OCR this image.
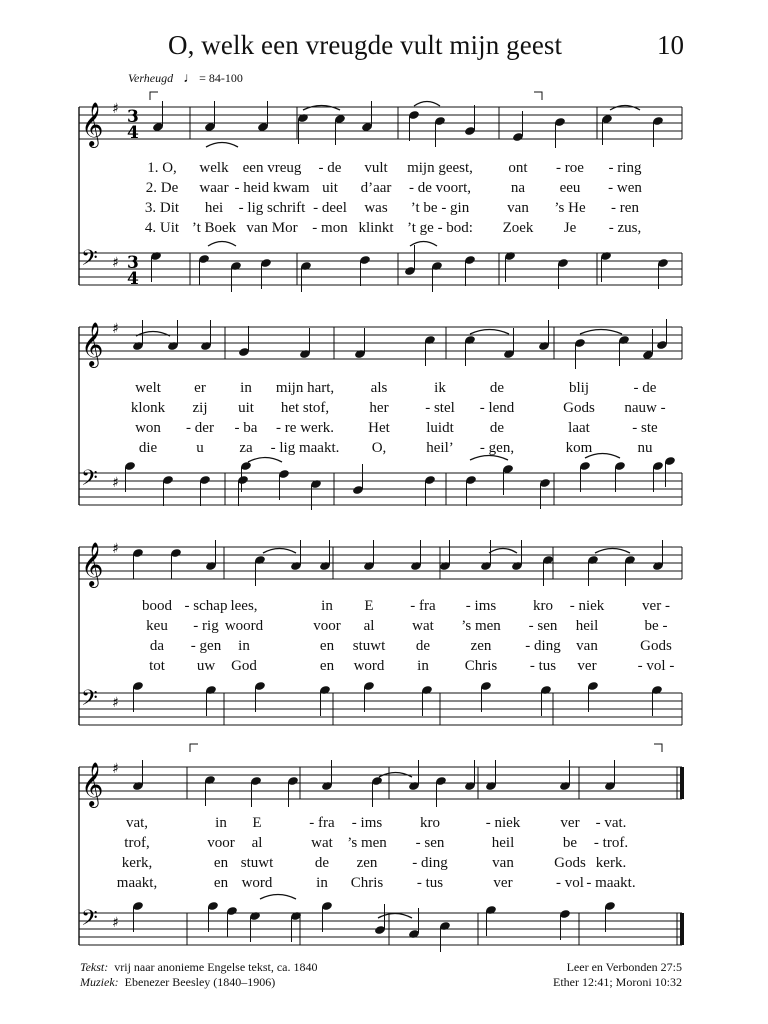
𝄞 ♯ 3
4
𝄢 ♯ 3
4
𝄞 ♯
𝄢 ♯
𝄞 ♯
𝄢 ♯
𝄞 ♯
𝄢 ♯
O, welk een vreugde vult mijn geest	10
Verheugd ♩ = 84-100
1. O, welk een vreug - de vult mijn geest, ont - roe - ring
2. De waar - heid kwam uit d’aar - de voort,	na eeu - wen
3. Dit hei - lig schrift - deel was ’t be - gin	van ’s He - ren
4. Uit ’t Boek van Mor - mon klinkt ’t ge - bod: Zoek Je - zus,
welt er in mijn hart, als	ik	de	blij	- de
klonk zij uit het stof,	her - stel - lend	Gods nauw -
won - der - ba - re werk. Het luidt de	laat	- ste
die	u za - lig maakt. O,	heil’ - gen,	kom	nu
bood - schap lees,	in E - fra - ims kro - niek	ver -
keu - rig woord	voor al	wat ’s men - sen heil	be -
da - gen in	en stuwt de	zen - ding van	Gods
tot uw God	en word in Chris - tus ver	- vol -
vat,	in E	- fra - ims	kro	- niek	ver - vat.
trof,	voor al	wat ’s men - sen	heil	be - trof.
kerk,	en stuwt	de zen - ding	van	Gods kerk.
maakt,	en word	in Chris - tus	ver	- vol - maakt.
Tekst: vrij naar anonieme Engelse tekst, ca. 1840
Muziek: Ebenezer Beesley (1840–1906)
Leer en Verbonden 27:5
Ether 12:41; Moroni 10:32
